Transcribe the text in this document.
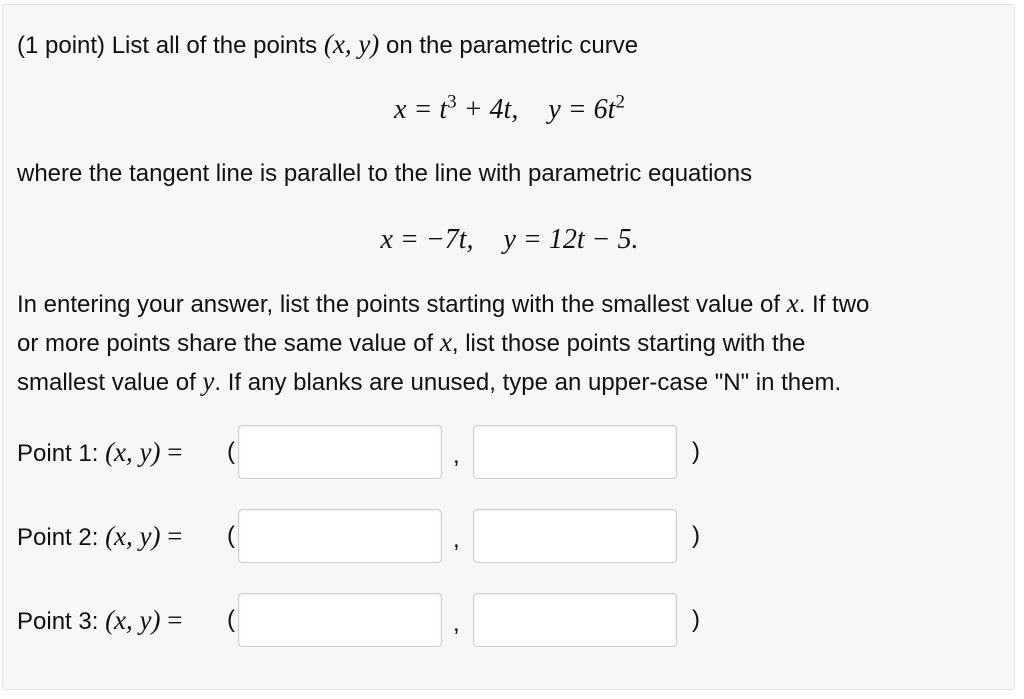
(1 point) List all of the points (x, y) on the parametric curve
$x = t^3 + 4t$, $y = 6t^2$
where the tangent line is parallel to the line with parametric equations
x = −7t, y = 12t − 5.
In entering your answer, list the points starting with the smallest value of x. If two
or more points share the same value of x, list those points starting with the
smallest value of y. If any blanks are unused, type an upper-case "N" in them.
Point 1: (x, y) = (	,	)
Point 2: (x, y) = (	,	)
Point 3: (x, y) = (	,	)
